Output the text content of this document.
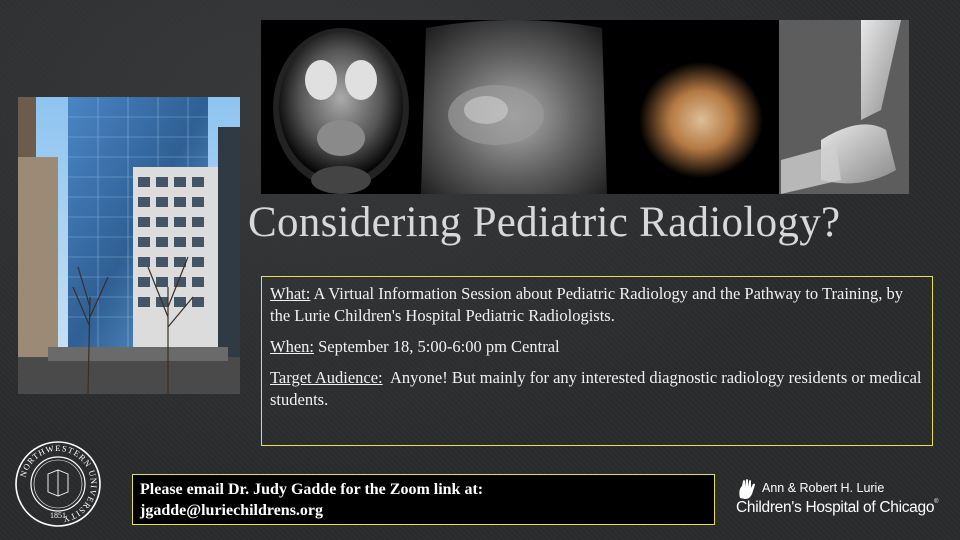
Considering Pediatric Radiology?

What: A Virtual Information Session about Pediatric Radiology and the Pathway to Training, by the Lurie Children's Hospital Pediatric Radiologists.

When: September 18, 5:00-6:00 pm Central

Target Audience:  Anyone! But mainly for any interested diagnostic radiology residents or medical students.

Please email Dr. Judy Gadde for the Zoom link at:
jgadde@luriechildrens.org
NORTHWESTERN UNIVERSITY
1851
Ann & Robert H. Lurie
Children's Hospital of Chicago®
